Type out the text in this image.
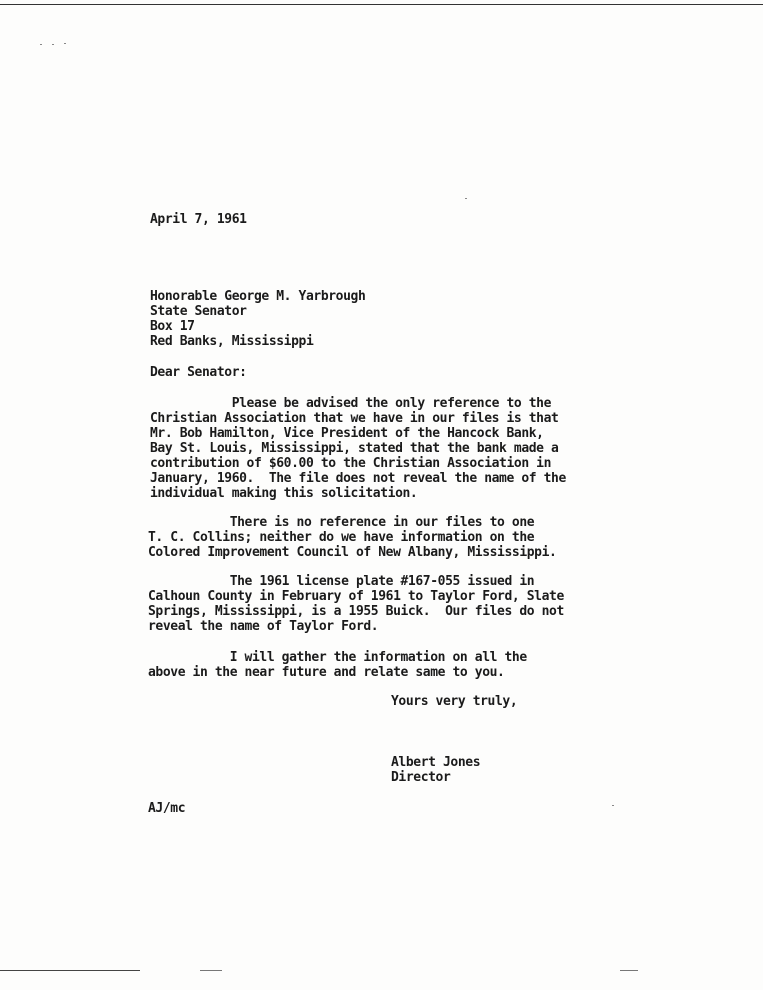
April 7, 1961
Honorable George M. Yarbrough
State Senator
Box 17
Red Banks, Mississippi
Dear Senator:
Please be advised the only reference to the
Christian Association that we have in our files is that
Mr. Bob Hamilton, Vice President of the Hancock Bank,
Bay St. Louis, Mississippi, stated that the bank made a
contribution of $60.00 to the Christian Association in
January, 1960.  The file does not reveal the name of the
individual making this solicitation.
There is no reference in our files to one
T. C. Collins; neither do we have information on the
Colored Improvement Council of New Albany, Mississippi.
The 1961 license plate #167-055 issued in
Calhoun County in February of 1961 to Taylor Ford, Slate
Springs, Mississippi, is a 1955 Buick.  Our files do not
reveal the name of Taylor Ford.
I will gather the information on all the
above in the near future and relate same to you.
Yours very truly,
Albert Jones
Director
AJ/mc
